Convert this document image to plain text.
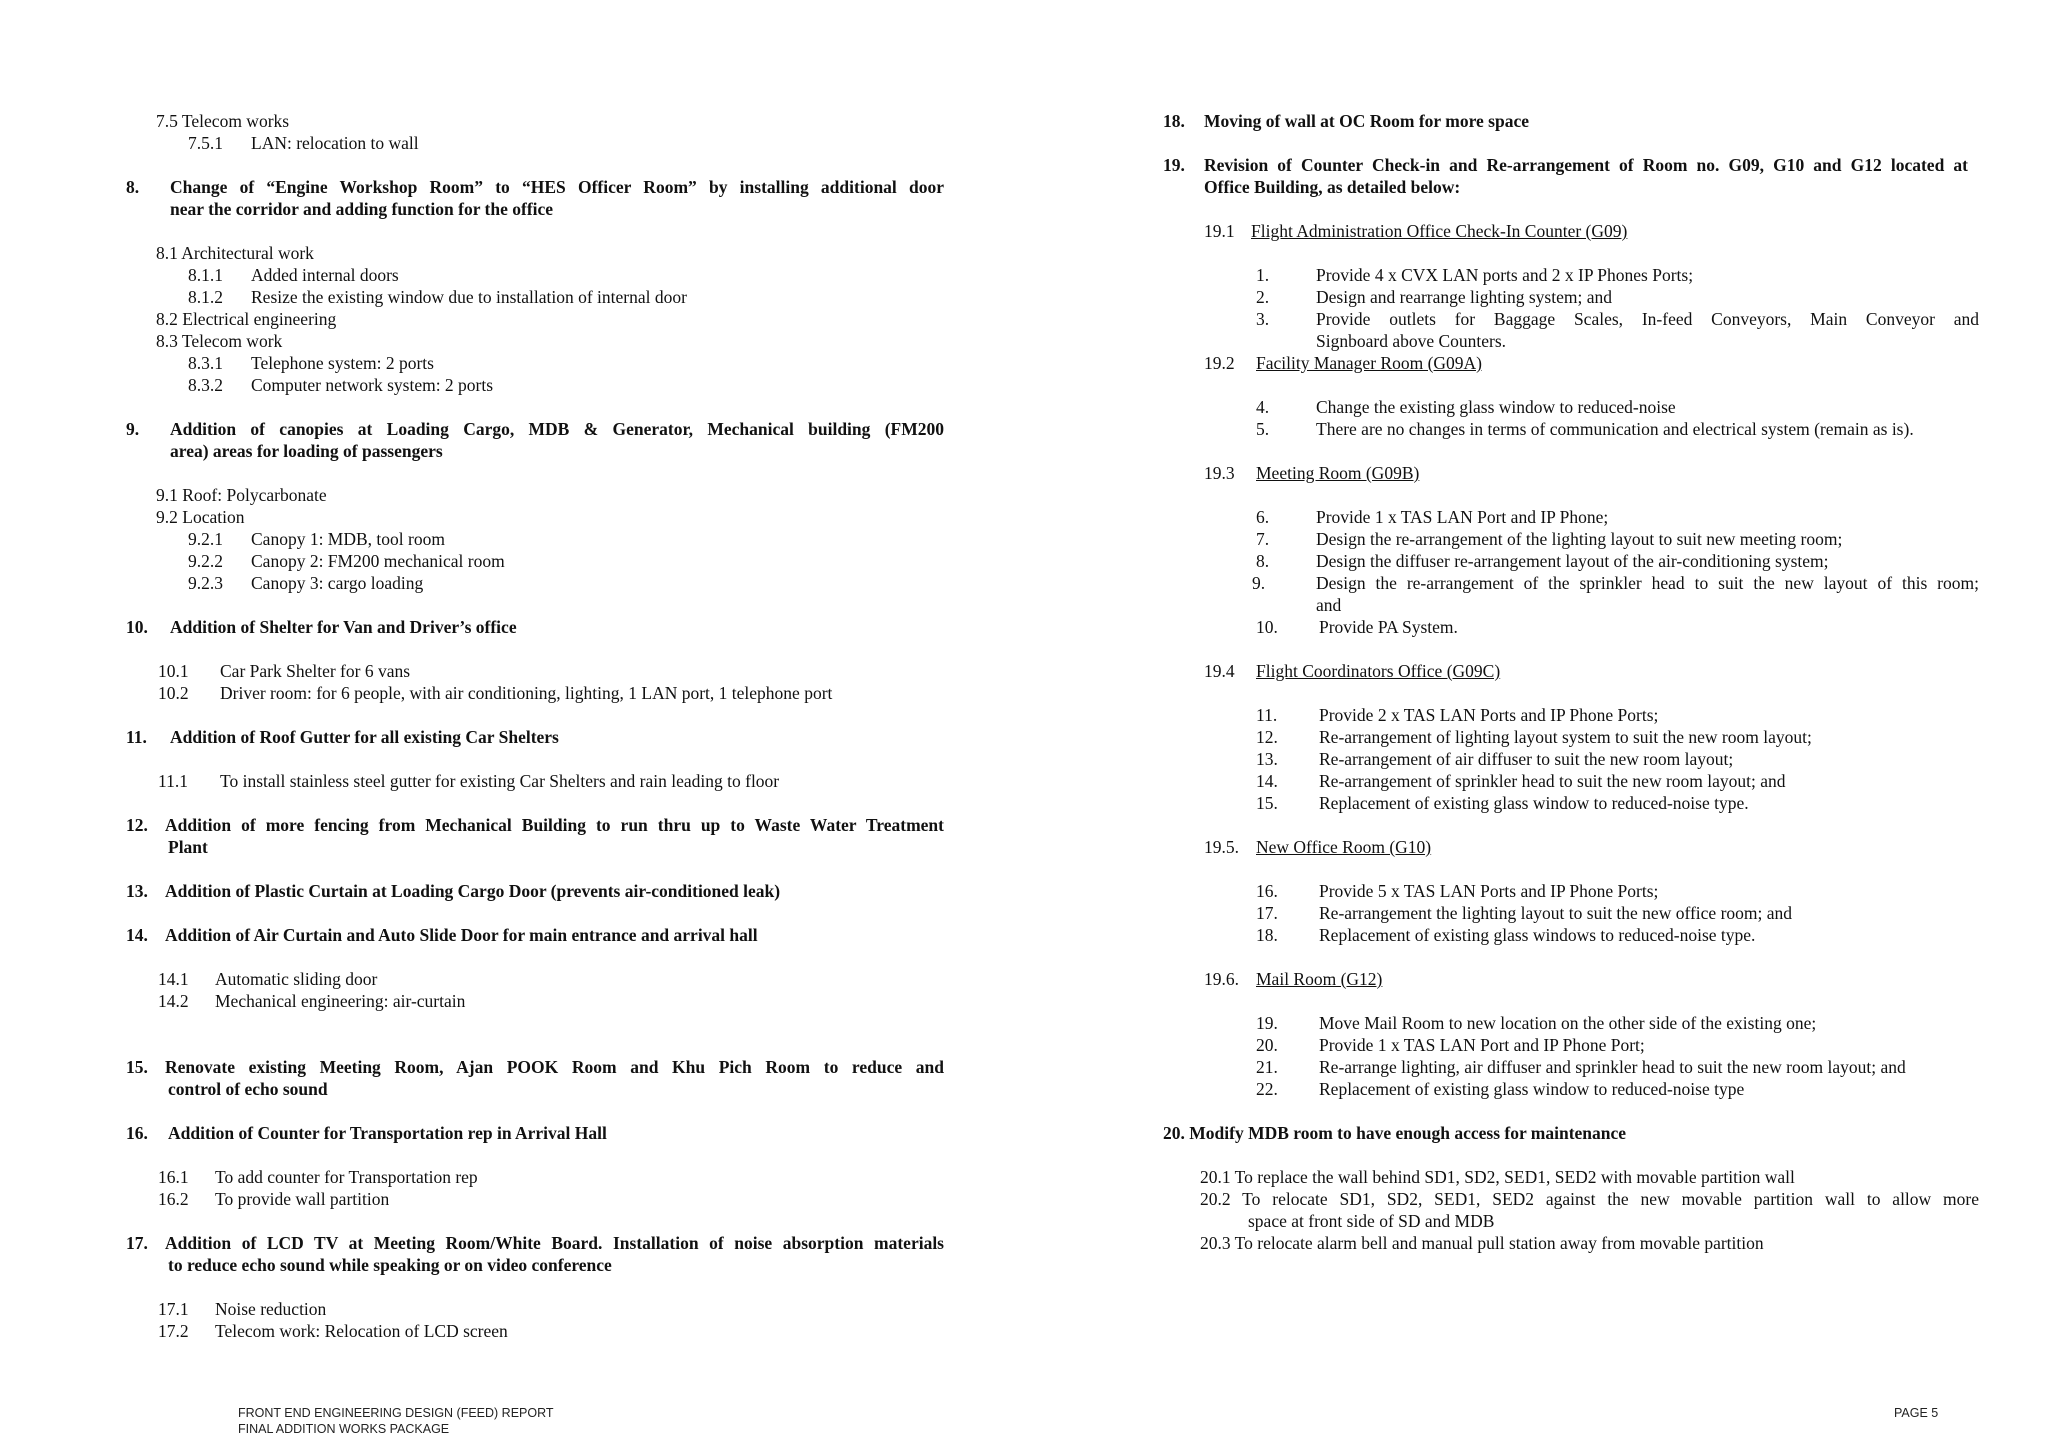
7.5 Telecom works
7.5.1 LAN: relocation to wall
8. Change of “Engine Workshop Room” to “HES Officer Room” by installing additional door
near the corridor and adding function for the office
8.1 Architectural work
8.1.1 Added internal doors
8.1.2 Resize the existing window due to installation of internal door
8.2 Electrical engineering
8.3 Telecom work
8.3.1 Telephone system: 2 ports
8.3.2 Computer network system: 2 ports
9. Addition of canopies at Loading Cargo, MDB & Generator, Mechanical building (FM200
area) areas for loading of passengers
9.1 Roof: Polycarbonate
9.2 Location
9.2.1 Canopy 1: MDB, tool room
9.2.2 Canopy 2: FM200 mechanical room
9.2.3 Canopy 3: cargo loading
10. Addition of Shelter for Van and Driver’s office
10.1 Car Park Shelter for 6 vans
10.2 Driver room: for 6 people, with air conditioning, lighting, 1 LAN port, 1 telephone port
11. Addition of Roof Gutter for all existing Car Shelters
11.1 To install stainless steel gutter for existing Car Shelters and rain leading to floor
12. Addition of more fencing from Mechanical Building to run thru up to Waste Water Treatment
Plant
13. Addition of Plastic Curtain at Loading Cargo Door (prevents air-conditioned leak)
14. Addition of Air Curtain and Auto Slide Door for main entrance and arrival hall
14.1 Automatic sliding door
14.2 Mechanical engineering: air-curtain
15. Renovate existing Meeting Room, Ajan POOK Room and Khu Pich Room to reduce and
control of echo sound
16. Addition of Counter for Transportation rep in Arrival Hall
16.1 To add counter for Transportation rep
16.2 To provide wall partition
17. Addition of LCD TV at Meeting Room/White Board. Installation of noise absorption materials
to reduce echo sound while speaking or on video conference
17.1 Noise reduction
17.2 Telecom work: Relocation of LCD screen
18. Moving of wall at OC Room for more space
19. Revision of Counter Check-in and Re-arrangement of Room no. G09, G10 and G12 located at
Office Building, as detailed below:
19.1 Flight Administration Office Check-In Counter (G09)
1.	Provide 4 x CVX LAN ports and 2 x IP Phones Ports;
2.	Design and rearrange lighting system; and
3.	Provide outlets for Baggage Scales, In-feed Conveyors, Main Conveyor and
Signboard above Counters.
19.2 Facility Manager Room (G09A)
4.	Change the existing glass window to reduced-noise
5.	There are no changes in terms of communication and electrical system (remain as is).
19.3 Meeting Room (G09B)
6.	Provide 1 x TAS LAN Port and IP Phone;
7.	Design the re-arrangement of the lighting layout to suit new meeting room;
8.	Design the diffuser re-arrangement layout of the air-conditioning system;
9.	Design the re-arrangement of the sprinkler head to suit the new layout of this room;
and
10. Provide PA System.
19.4 Flight Coordinators Office (G09C)
11. Provide 2 x TAS LAN Ports and IP Phone Ports;
12. Re-arrangement of lighting layout system to suit the new room layout;
13. Re-arrangement of air diffuser to suit the new room layout;
14. Re-arrangement of sprinkler head to suit the new room layout; and
15. Replacement of existing glass window to reduced-noise type.
19.5. New Office Room (G10)
16. Provide 5 x TAS LAN Ports and IP Phone Ports;
17. Re-arrangement the lighting layout to suit the new office room; and
18. Replacement of existing glass windows to reduced-noise type.
19.6. Mail Room (G12)
19. Move Mail Room to new location on the other side of the existing one;
20. Provide 1 x TAS LAN Port and IP Phone Port;
21. Re-arrange lighting, air diffuser and sprinkler head to suit the new room layout; and
22. Replacement of existing glass window to reduced-noise type
20. Modify MDB room to have enough access for maintenance
20.1 To replace the wall behind SD1, SD2, SED1, SED2 with movable partition wall
20.2 To relocate SD1, SD2, SED1, SED2 against the new movable partition wall to allow more
space at front side of SD and MDB
20.3 To relocate alarm bell and manual pull station away from movable partition
FRONT END ENGINEERING DESIGN (FEED) REPORT
FINAL ADDITION WORKS PACKAGE
PAGE 5
